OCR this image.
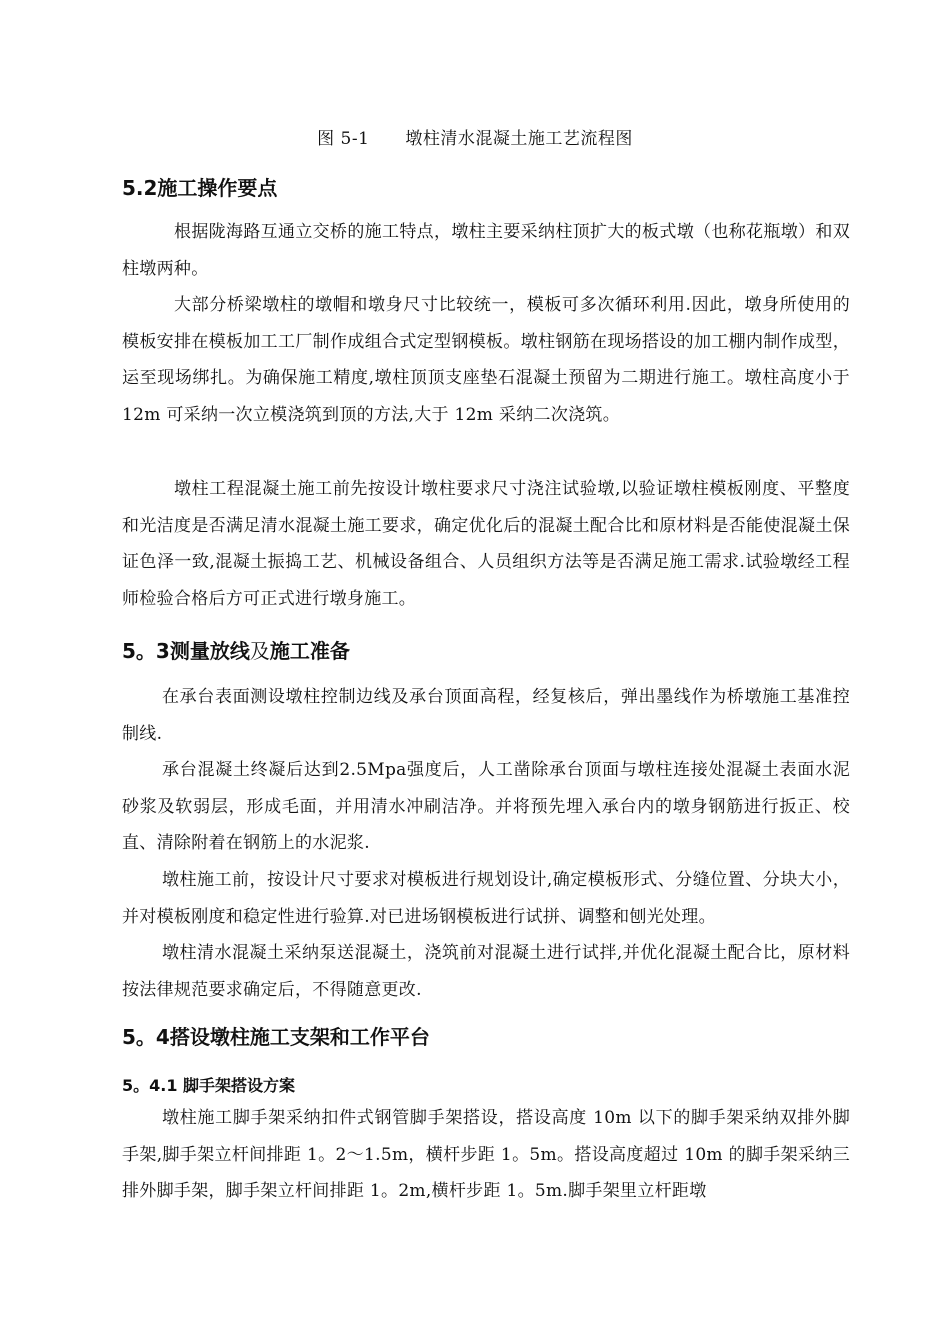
图 5-1 墩柱清水混凝土施工艺流程图
5.2施工操作要点
根据陇海路互通立交桥的施工特点，墩柱主要采纳柱顶扩大的板式墩（也称花瓶墩）和双柱墩两种。
大部分桥梁墩柱的墩帽和墩身尺寸比较统一，模板可多次循环利用.因此，墩身所使用的模板安排在模板加工工厂制作成组合式定型钢模板。墩柱钢筋在现场搭设的加工棚内制作成型，运至现场绑扎。为确保施工精度,墩柱顶顶支座垫石混凝土预留为二期进行施工。墩柱高度小于 12m 可采纳一次立模浇筑到顶的方法,大于 12m 采纳二次浇筑。
墩柱工程混凝土施工前先按设计墩柱要求尺寸浇注试验墩,以验证墩柱模板刚度、平整度和光洁度是否满足清水混凝土施工要求，确定优化后的混凝土配合比和原材料是否能使混凝土保证色泽一致,混凝土振捣工艺、机械设备组合、人员组织方法等是否满足施工需求.试验墩经工程师检验合格后方可正式进行墩身施工。
5。3测量放线及施工准备
在承台表面测设墩柱控制边线及承台顶面高程，经复核后，弹出墨线作为桥墩施工基准控制线.
承台混凝土终凝后达到2.5Mpa强度后，人工凿除承台顶面与墩柱连接处混凝土表面水泥砂浆及软弱层，形成毛面，并用清水冲刷洁净。并将预先埋入承台内的墩身钢筋进行扳正、校直、清除附着在钢筋上的水泥浆.
墩柱施工前，按设计尺寸要求对模板进行规划设计,确定模板形式、分缝位置、分块大小，并对模板刚度和稳定性进行验算.对已进场钢模板进行试拼、调整和刨光处理。
墩柱清水混凝土采纳泵送混凝土，浇筑前对混凝土进行试拌,并优化混凝土配合比，原材料按法律规范要求确定后，不得随意更改.
5。4搭设墩柱施工支架和工作平台
5。4.1 脚手架搭设方案
墩柱施工脚手架采纳扣件式钢管脚手架搭设，搭设高度 10m 以下的脚手架采纳双排外脚手架,脚手架立杆间排距 1。2～1.5m，横杆步距 1。5m。搭设高度超过 10m 的脚手架采纳三排外脚手架，脚手架立杆间排距 1。2m,横杆步距 1。5m.脚手架里立杆距墩
